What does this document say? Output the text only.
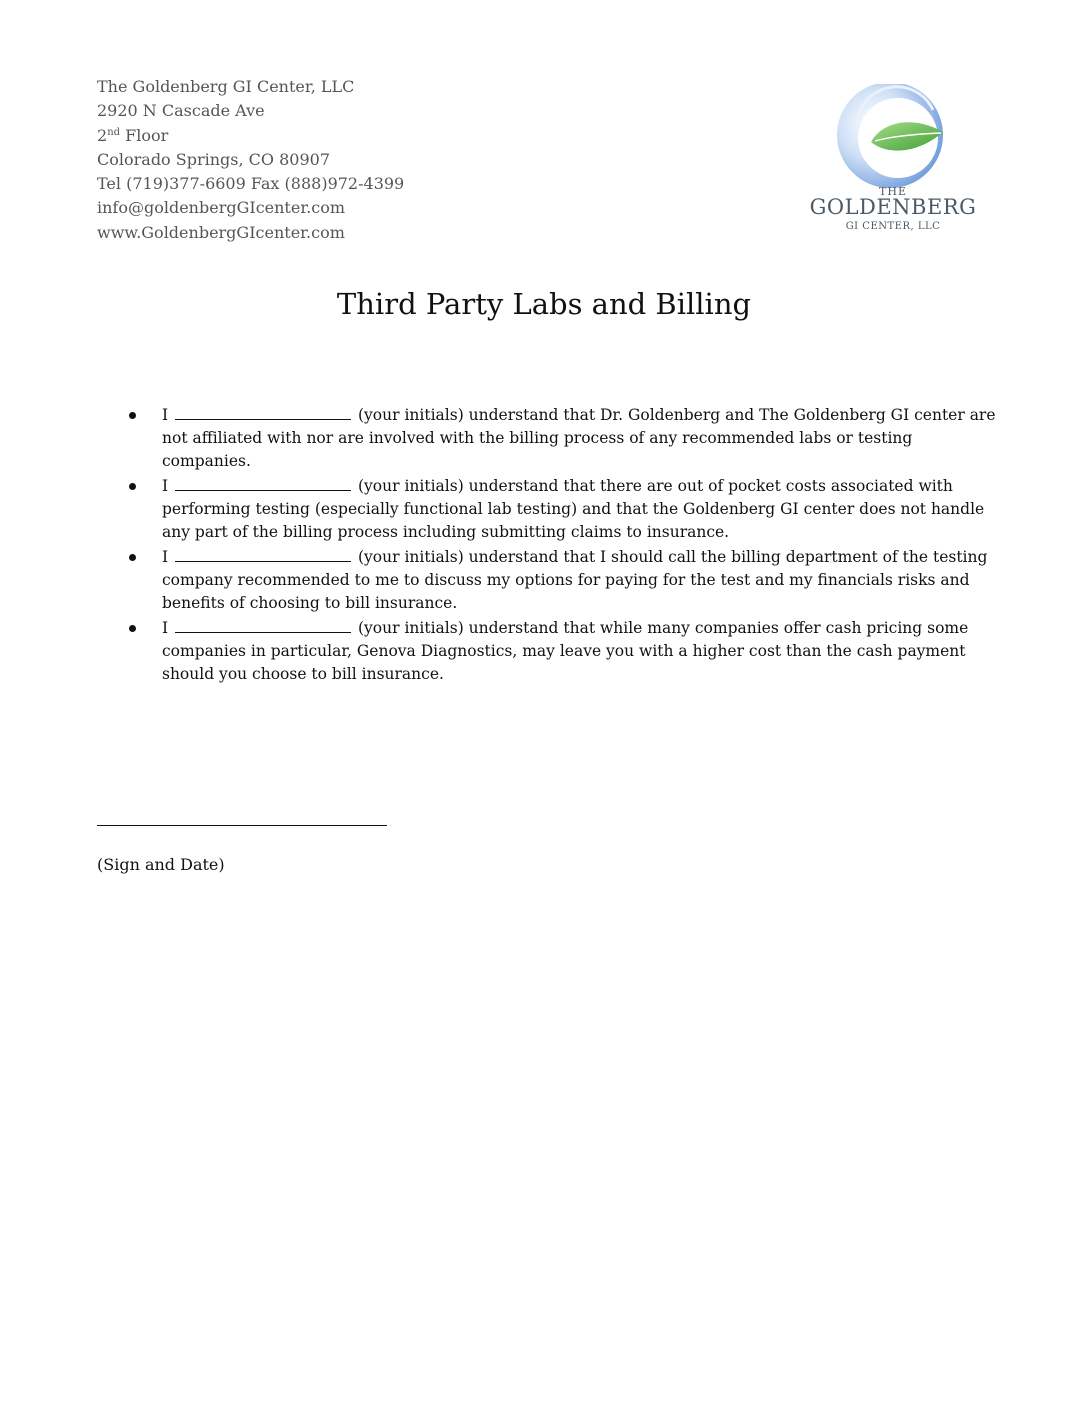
The Goldenberg GI Center, LLC
2920 N Cascade Ave
2nd Floor
Colorado Springs, CO 80907
Tel (719)377-6609 Fax (888)972-4399
info@goldenbergGIcenter.com
www.GoldenbergGIcenter.com
THE
GOLDENBERG
GI CENTER, LLC
Third Party Labs and Billing
I	(your initials) understand that Dr. Goldenberg and The Goldenberg GI center are not affiliated with nor are involved with the billing process of any recommended labs or testing companies.
I	(your initials) understand that there are out of pocket costs associated with performing testing (especially functional lab testing) and that the Goldenberg GI center does not handle any part of the billing process including submitting claims to insurance.
I	(your initials) understand that I should call the billing department of the testing company recommended to me to discuss my options for paying for the test and my financials risks and benefits of choosing to bill insurance.
I	(your initials) understand that while many companies offer cash pricing some companies in particular, Genova Diagnostics, may leave you with a higher cost than the cash payment should you choose to bill insurance.
(Sign and Date)
